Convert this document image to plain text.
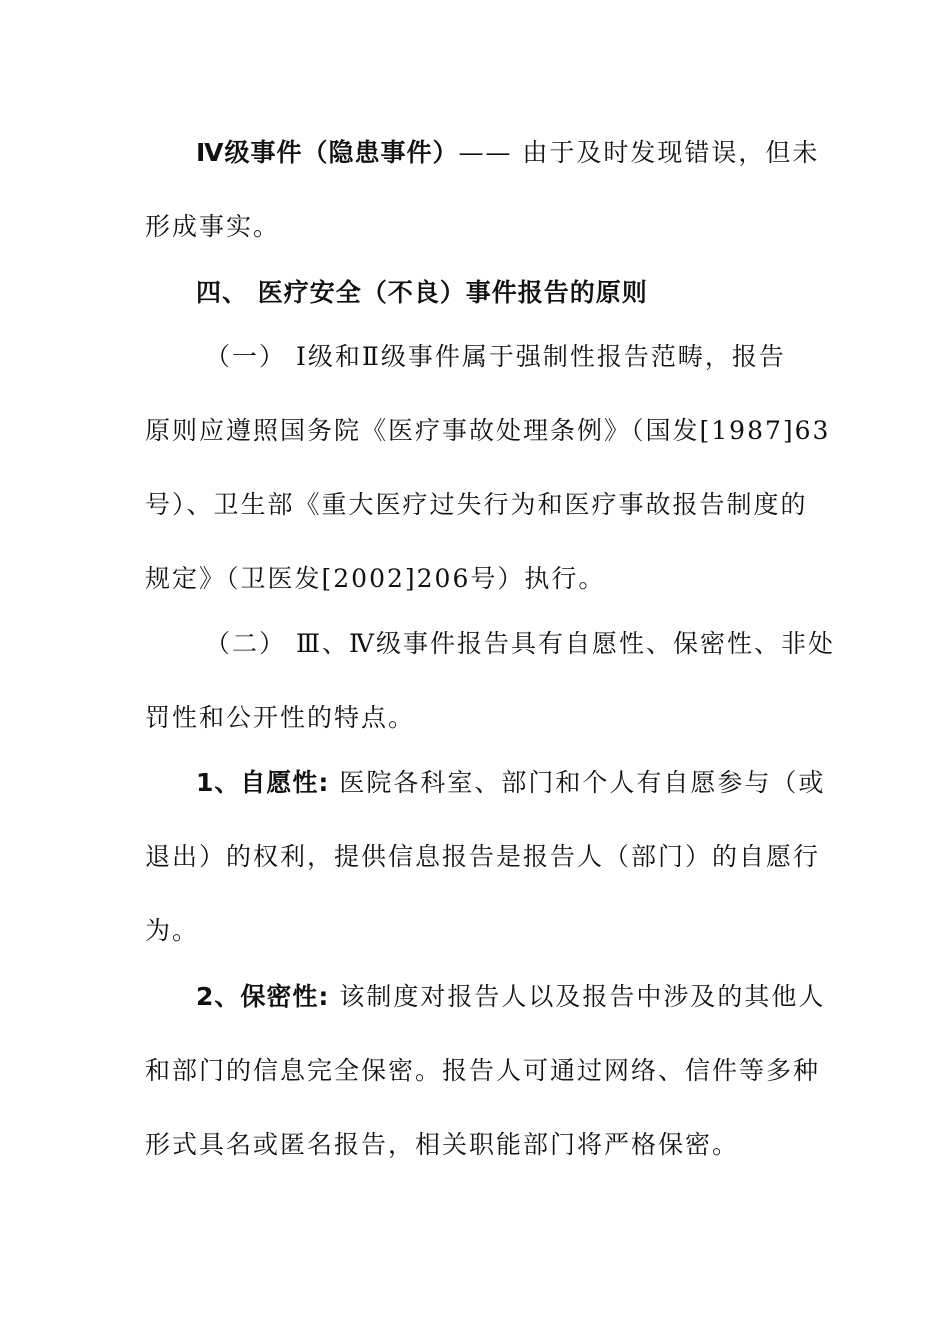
Ⅳ级事件（隐患事件）—— 由于及时发现错误，但未
形成事实。
四、 医疗安全（不良）事件报告的原则
（一） Ⅰ级和Ⅱ级事件属于强制性报告范畴，报告
原则应遵照国务院《医疗事故处理条例》（国发[1987]63
号）、卫生部《重大医疗过失行为和医疗事故报告制度的
规定》（卫医发[2002]206号）执行。
（二） Ⅲ、Ⅳ级事件报告具有自愿性、保密性、非处
罚性和公开性的特点。
1、自愿性: 医院各科室、部门和个人有自愿参与（或
退出）的权利，提供信息报告是报告人（部门）的自愿行
为。
2、保密性: 该制度对报告人以及报告中涉及的其他人
和部门的信息完全保密。报告人可通过网络、信件等多种
形式具名或匿名报告，相关职能部门将严格保密。
